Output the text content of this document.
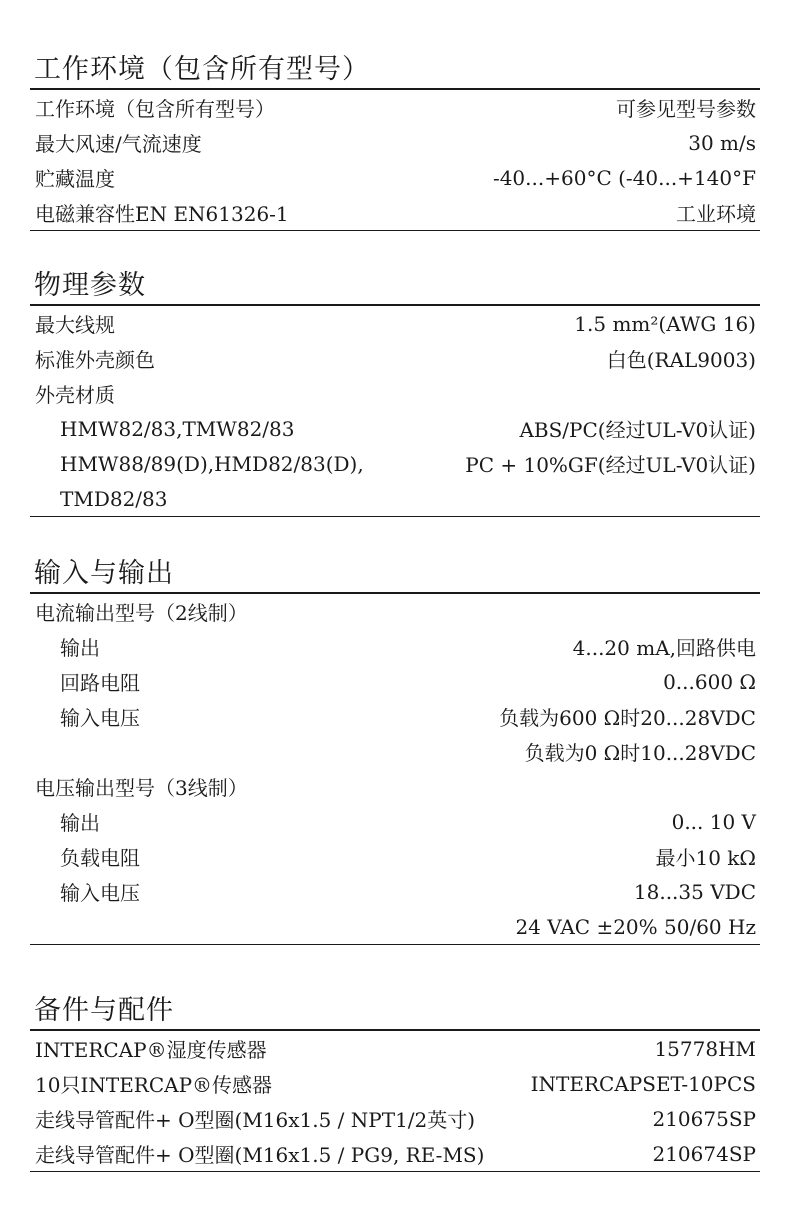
工作环境（包含所有型号）
工作环境（包含所有型号）	可参见型号参数
最大风速/气流速度	30 m/s
贮藏温度	-40...+60°C (-40...+140°F
电磁兼容性EN EN61326-1	工业环境
物理参数
最大线规	1.5 mm²(AWG 16)
标准外壳颜色	白色(RAL9003)
外壳材质
HMW82/83,TMW82/83	ABS/PC(经过UL-V0认证)
HMW88/89(D),HMD82/83(D),	PC + 10%GF(经过UL-V0认证)
TMD82/83
输入与输出
电流输出型号（2线制）
输出	4...20 mA,回路供电
回路电阻	0...600 Ω
输入电压	负载为600 Ω时20...28VDC
负载为0 Ω时10...28VDC
电压输出型号（3线制）
输出	0... 10 V
负载电阻	最小10 kΩ
输入电压	18...35 VDC
24 VAC ±20% 50/60 Hz
备件与配件
INTERCAP®湿度传感器	15778HM
10只INTERCAP®传感器	INTERCAPSET-10PCS
走线导管配件+ O型圈(M16x1.5 / NPT1/2英寸)	210675SP
走线导管配件+ O型圈(M16x1.5 / PG9, RE-MS)	210674SP
